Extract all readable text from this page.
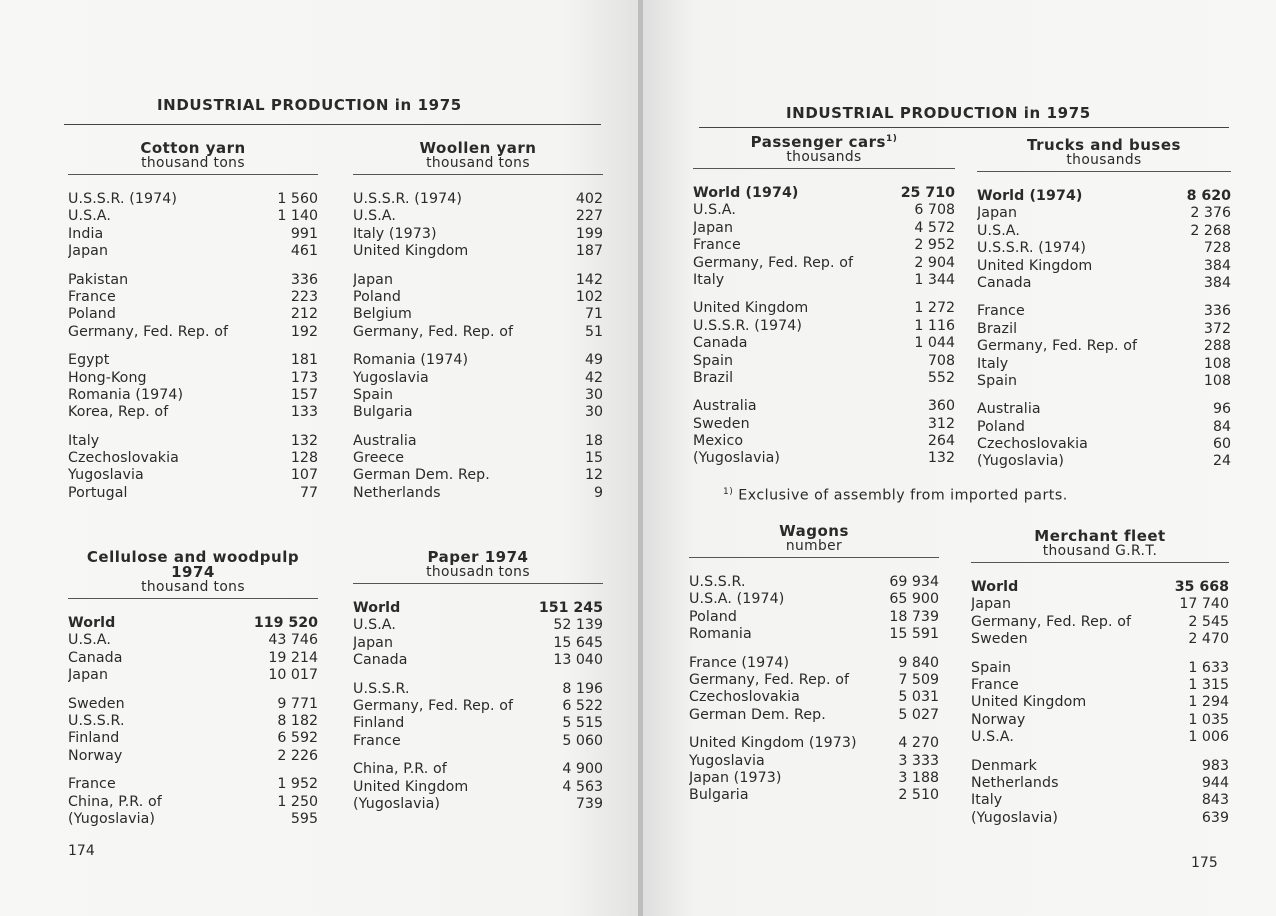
INDUSTRIAL PRODUCTION in 1975
Cotton yarn
thousand tons
U.S.S.R. (1974)	1 560
U.S.A.	1 140
India	991
Japan	461
Pakistan	336
France	223
Poland	212
Germany, Fed. Rep. of	192
Egypt	181
Hong-Kong	173
Romania (1974)	157
Korea, Rep. of	133
Italy	132
Czechoslovakia	128
Yugoslavia	107
Portugal	77
Woollen yarn
thousand tons
U.S.S.R. (1974)	402
U.S.A.	227
Italy (1973)	199
United Kingdom	187
Japan	142
Poland	102
Belgium	71
Germany, Fed. Rep. of	51
Romania (1974)	49
Yugoslavia	42
Spain	30
Bulgaria	30
Australia	18
Greece	15
German Dem. Rep.	12
Netherlands	9
Cellulose and woodpulp 1974
thousand tons
World	119 520
U.S.A.	43 746
Canada	19 214
Japan	10 017
Sweden	9 771
U.S.S.R.	8 182
Finland	6 592
Norway	2 226
France	1 952
China, P.R. of	1 250
(Yugoslavia)	595
Paper 1974
thousadn tons
World	151 245
U.S.A.	52 139
Japan	15 645
Canada	13 040
U.S.S.R.	8 196
Germany, Fed. Rep. of	6 522
Finland	5 515
France	5 060
China, P.R. of	4 900
United Kingdom	4 563
(Yugoslavia)	739
174
INDUSTRIAL PRODUCTION in 1975
Passenger cars$^{1)}$
thousands
World (1974)	25 710
U.S.A.	6 708
Japan	4 572
France	2 952
Germany, Fed. Rep. of	2 904
Italy	1 344
United Kingdom	1 272
U.S.S.R. (1974)	1 116
Canada	1 044
Spain	708
Brazil	552
Australia	360
Sweden	312
Mexico	264
(Yugoslavia)	132
Trucks and buses
thousands
World (1974)	8 620
Japan	2 376
U.S.A.	2 268
U.S.S.R. (1974)	728
United Kingdom	384
Canada	384
France	336
Brazil	372
Germany, Fed. Rep. of	288
Italy	108
Spain	108
Australia	96
Poland	84
Czechoslovakia	60
(Yugoslavia)	24
$^{1)}$ Exclusive of assembly from imported parts.
Wagons
number
U.S.S.R.	69 934
U.S.A. (1974)	65 900
Poland	18 739
Romania	15 591
France (1974)	9 840
Germany, Fed. Rep. of	7 509
Czechoslovakia	5 031
German Dem. Rep.	5 027
United Kingdom (1973)	4 270
Yugoslavia	3 333
Japan (1973)	3 188
Bulgaria	2 510
Merchant fleet
thousand G.R.T.
World	35 668
Japan	17 740
Germany, Fed. Rep. of	2 545
Sweden	2 470
Spain	1 633
France	1 315
United Kingdom	1 294
Norway	1 035
U.S.A.	1 006
Denmark	983
Netherlands	944
Italy	843
(Yugoslavia)	639
175
